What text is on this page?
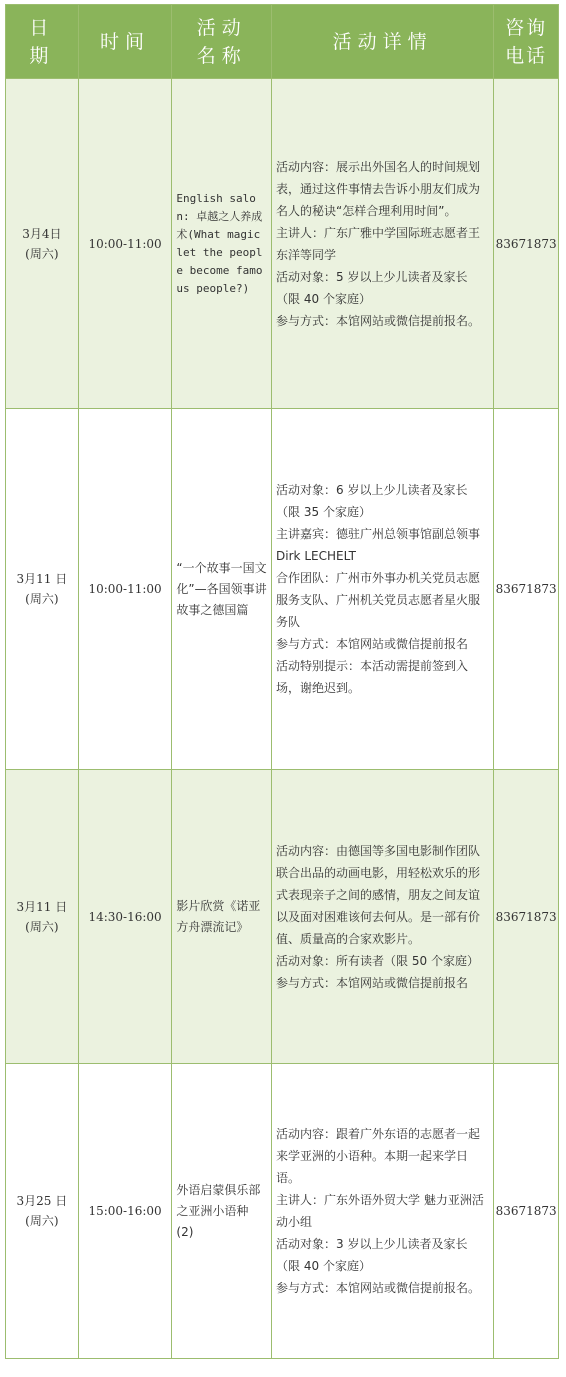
日期
时间
活动名称
活动详情
咨询电话
3月4日
(周六)
10:00-11:00
English salon: 卓越之人养成术(What magic let the people become famous people?)

活动内容：展示出外国名人的时间规划表，通过这件事情去告诉小朋友们成为名人的秘诀“怎样合理利用时间”。

主讲人：广东广雅中学国际班志愿者王东洋等同学

活动对象：5 岁以上少儿读者及家长（限 40 个家庭）

参与方式：本馆网站或微信提前报名。

83671873
3月11 日
(周六)
10:00-11:00
“一个故事一国文化”—各国领事讲故事之德国篇

活动对象：6 岁以上少儿读者及家长（限 35 个家庭）

主讲嘉宾：德驻广州总领事馆副总领事 Dirk LECHELT

合作团队：广州市外事办机关党员志愿服务支队、广州机关党员志愿者星火服务队

参与方式：本馆网站或微信提前报名

活动特别提示：本活动需提前签到入场，谢绝迟到。

83671873
3月11 日
(周六)
14:30-16:00
影片欣赏《诺亚方舟漂流记》

活动内容：由德国等多国电影制作团队联合出品的动画电影，用轻松欢乐的形式表现亲子之间的感情，朋友之间友谊以及面对困难该何去何从。是一部有价值、质量高的合家欢影片。

活动对象：所有读者（限 50 个家庭）

参与方式：本馆网站或微信提前报名

83671873
3月25 日
(周六)
15:00-16:00
外语启蒙俱乐部之亚洲小语种 (2)

活动内容：跟着广外东语的志愿者一起来学亚洲的小语种。本期一起来学日语。

主讲人：广东外语外贸大学 魅力亚洲活动小组

活动对象：3 岁以上少儿读者及家长（限 40 个家庭）

参与方式：本馆网站或微信提前报名。

83671873
